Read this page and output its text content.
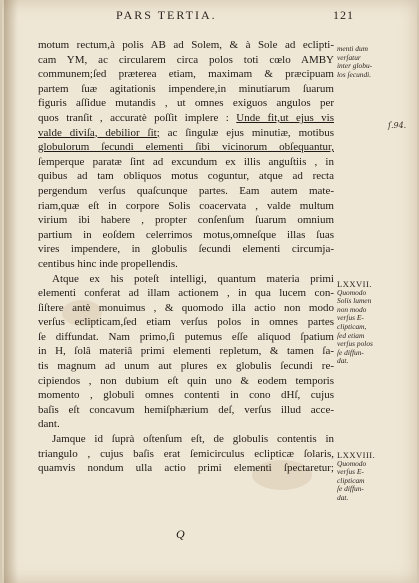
PARS TERTIA.	121
motum rectum,à polis AB ad Solem, & à Sole ad eclipti-
cam YM, ac circularem circa polos toti cœlo AMBY
communem;ſed præterea etiam, maximam & præcipuam
partem ſuæ agitationis impendere,in minutiarum ſuarum
figuris aſſidue mutandis , ut omnes exiguos angulos per
quos tranſit , accuratè poſſit implere : Unde fit,ut ejus vis
valde diviſa, debilior ſit; ac ſingulæ ejus minutiæ, motibus
globulorum ſecundi elementi ſibi vicinorum obſequantur,
ſemperque paratæ ſint ad excundum ex illis anguſtiis , in
quibus ad tam obliquos motus coguntur, atque ad recta
pergendum verſus quaſcunque partes. Eam autem mate-
riam,quæ eſt in corpore Solis coacervata , valde multum
virium ibi habere , propter conſenſum ſuarum omnium
partium in eoſdem celerrimos motus,omneſque illas ſuas
vires impendere, in globulis ſecundi elementi circumja-
centibus hinc inde propellendis.
Atque ex his poteſt intelligi, quantum materia primi
elementi conferat ad illam actionem , in qua lucem con-
ſiſtere antè monuimus , & quomodo illa actio non modo
verſus eclipticam,ſed etiam verſus polos in omnes partes
ſe diffundat. Nam primo,ſi putemus eſſe aliquod ſpatium
in H, ſolâ materiâ primi elementi repletum, & tamen ſa-
tis magnum ad unum aut plures ex globulis ſecundi re-
cipiendos , non dubium eſt quin uno & eodem temporis
momento , globuli omnes contenti in cono dHſ, cujus
baſis eſt concavum hemiſphærium deſ, verſus illud acce-
dant.
Jamque id ſuprà oſtenſum eſt, de globulis contentis in
triangulo , cujus baſis erat ſemicirculus eclipticæ ſolaris,
quamvis nondum ulla actio primi elementi ſpectaretur;
menti dum
verſatur
inter globu-
los ſecundi.
ſ.94.
LXXVII.
Quomodo
Solis lumen
non modo
verſus E-
clipticam,
ſed etiam
verſus polos
ſe diffun-
dat.
LXXVIII.
Quomodo
verſus E-
clipticam
ſe diffun-
dat.
Q
